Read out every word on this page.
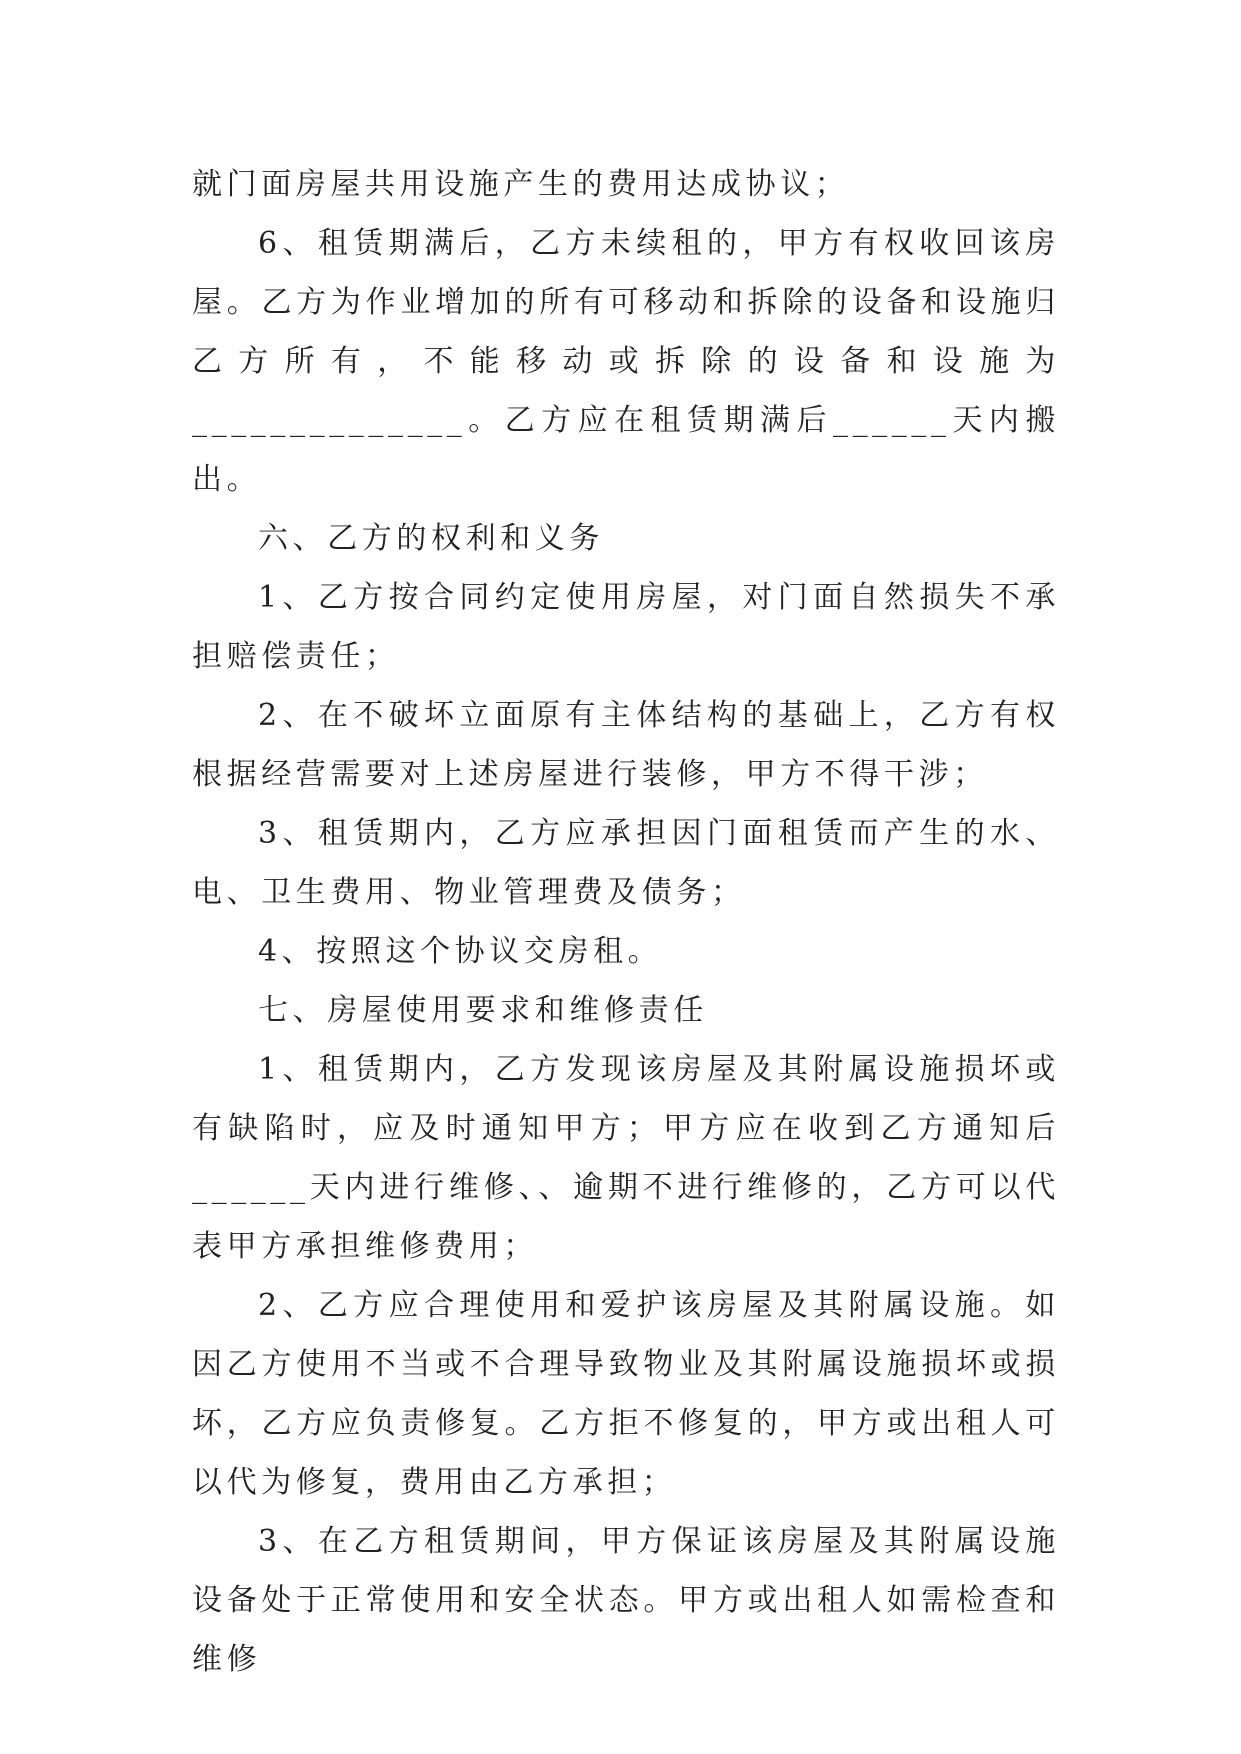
就门面房屋共用设施产生的费用达成协议；

6、租赁期满后，乙方未续租的，甲方有权收回该房屋。乙方为作业增加的所有可移动和拆除的设备和设施归乙方所有，不能移动或拆除的设备和设施为______________。乙方应在租赁期满后______天内搬出。

六、乙方的权利和义务

1、乙方按合同约定使用房屋，对门面自然损失不承担赔偿责任；

2、在不破坏立面原有主体结构的基础上，乙方有权根据经营需要对上述房屋进行装修，甲方不得干涉；

3、租赁期内，乙方应承担因门面租赁而产生的水、电、卫生费用、物业管理费及债务；

4、按照这个协议交房租。

七、房屋使用要求和维修责任

1、租赁期内，乙方发现该房屋及其附属设施损坏或有缺陷时，应及时通知甲方；甲方应在收到乙方通知后______天内进行维修、、逾期不进行维修的，乙方可以代表甲方承担维修费用；

2、乙方应合理使用和爱护该房屋及其附属设施。如因乙方使用不当或不合理导致物业及其附属设施损坏或损坏，乙方应负责修复。乙方拒不修复的，甲方或出租人可以代为修复，费用由乙方承担；

3、在乙方租赁期间，甲方保证该房屋及其附属设施设备处于正常使用和安全状态。甲方或出租人如需检查和维修
